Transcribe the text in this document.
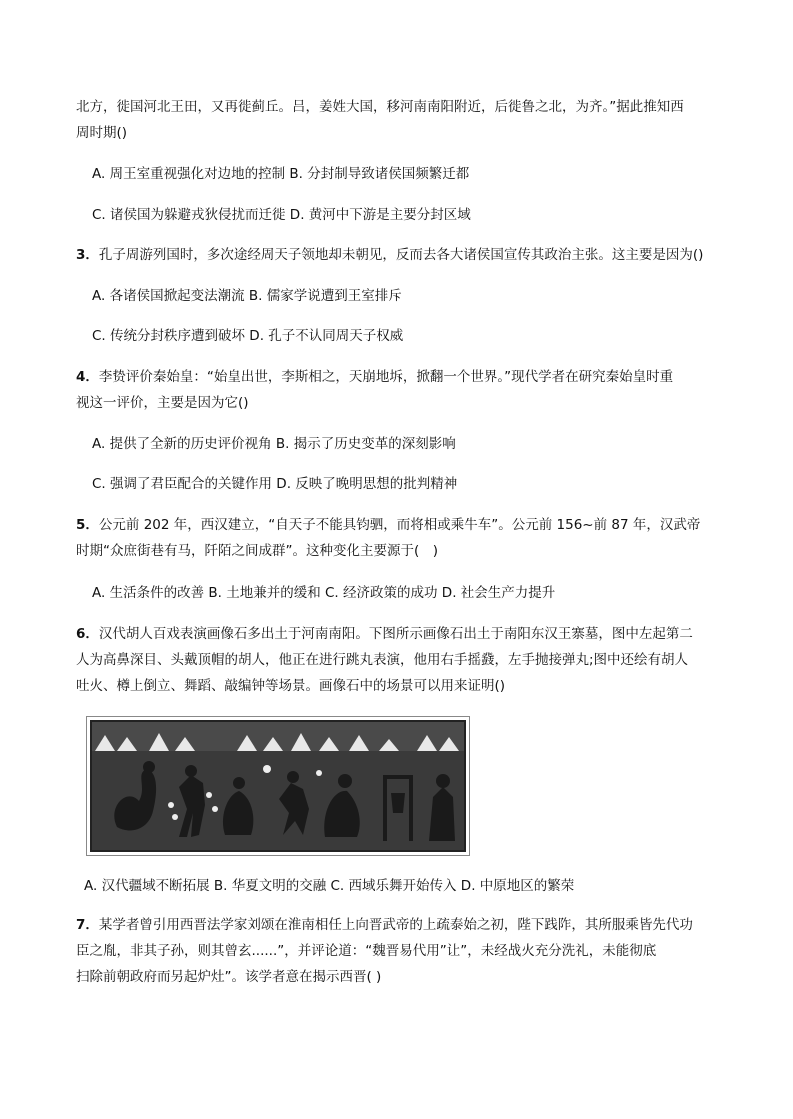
北方，徙国河北王田，又再徙蓟丘。吕，姜姓大国，移河南南阳附近，后徙鲁之北，为齐。”据此推知西
周时期()

A. 周王室重视强化对边地的控制 B. 分封制导致诸侯国频繁迁都

C. 诸侯国为躲避戎狄侵扰而迁徙 D. 黄河中下游是主要分封区域

3．孔子周游列国时，多次途经周天子领地却未朝见，反而去各大诸侯国宣传其政治主张。这主要是因为()

A. 各诸侯国掀起变法潮流 B. 儒家学说遭到王室排斥

C. 传统分封秩序遭到破坏 D. 孔子不认同周天子权威

4．李贽评价秦始皇：“始皇出世，李斯相之，天崩地坼，掀翻一个世界。”现代学者在研究秦始皇时重
视这一评价，主要是因为它()

A. 提供了全新的历史评价视角 B. 揭示了历史变革的深刻影响

C. 强调了君臣配合的关键作用 D. 反映了晚明思想的批判精神

5．公元前 202 年，西汉建立，“自天子不能具钧驷，而将相或乘牛车”。公元前 156~前 87 年，汉武帝
时期“众庶街巷有马，阡陌之间成群”。这种变化主要源于(　)

A. 生活条件的改善 B. 土地兼并的缓和 C. 经济政策的成功 D. 社会生产力提升

6．汉代胡人百戏表演画像石多出土于河南南阳。下图所示画像石出土于南阳东汉王寨墓，图中左起第二
人为高鼻深目、头戴顶帽的胡人，他正在进行跳丸表演，他用右手摇鼗，左手抛接弹丸;图中还绘有胡人
吐火、樽上倒立、舞蹈、敲编钟等场景。画像石中的场景可以用来证明()

A. 汉代疆域不断拓展 B. 华夏文明的交融 C. 西域乐舞开始传入 D. 中原地区的繁荣

7．某学者曾引用西晋法学家刘颂在淮南相任上向晋武帝的上疏泰始之初，陛下践阼，其所服乘皆先代功
臣之胤，非其子孙，则其曾玄......”，并评论道：“魏晋易代用”让”，未经战火充分洗礼，未能彻底
扫除前朝政府而另起炉灶”。该学者意在揭示西晋( )
